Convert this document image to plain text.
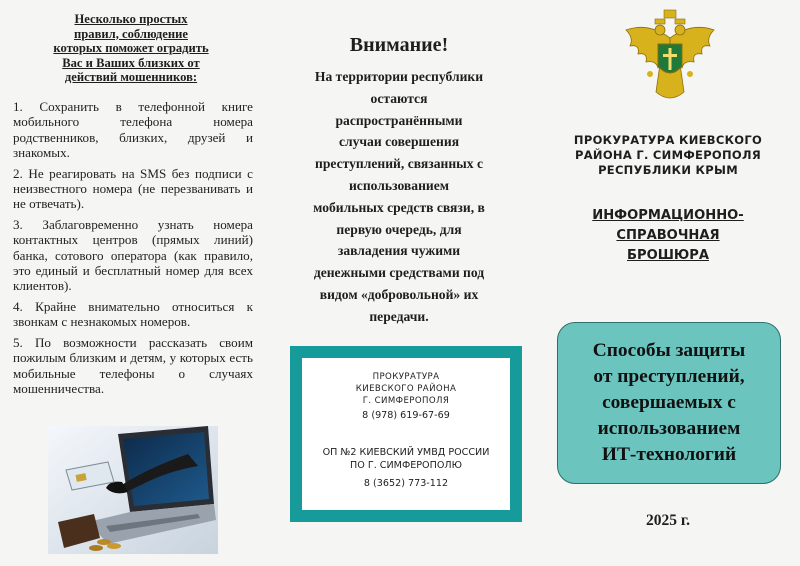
Несколько простых
правил, соблюдение
которых поможет оградить
Вас и Ваших близких от
действий мошенников:

1. Сохранить в телефонной книге мобильного телефона номера родственников, близких, друзей и знакомых.

2. Не реагировать на SMS без подписи с неизвестного номера (не перезванивать и не отвечать).

3. Заблаговременно узнать номера контактных центров (прямых линий) банка, сотового оператора (как правило, это единый и бесплатный номер для всех клиентов).

4. Крайне внимательно относиться к звонкам с незнакомых номеров.

5. По возможности рассказать своим пожилым близким и детям, у которых есть мобильные телефоны о случаях мошенничества.

Внимание!
На территории республики
остаются
распространёнными
случаи совершения
преступлений, связанных с
использованием
мобильных средств связи, в
первую очередь, для
завладения чужими
денежными средствами под
видом «добровольной» их
передачи.
ПРОКУРАТУРА
КИЕВСКОГО РАЙОНА
Г. СИМФЕРОПОЛЯ
8 (978) 619-67-69
ОП №2 КИЕВСКИЙ УМВД РОССИИ
ПО Г. СИМФЕРОПОЛЮ
8 (3652) 773-112
ПРОКУРАТУРА КИЕВСКОГО
РАЙОНА Г. СИМФЕРОПОЛЯ
РЕСПУБЛИКИ КРЫМ
ИНФОРМАЦИОННО-
СПРАВОЧНАЯ
БРОШЮРА
Способы защиты
от преступлений,
совершаемых с
использованием
ИТ-технологий
2025 г.
